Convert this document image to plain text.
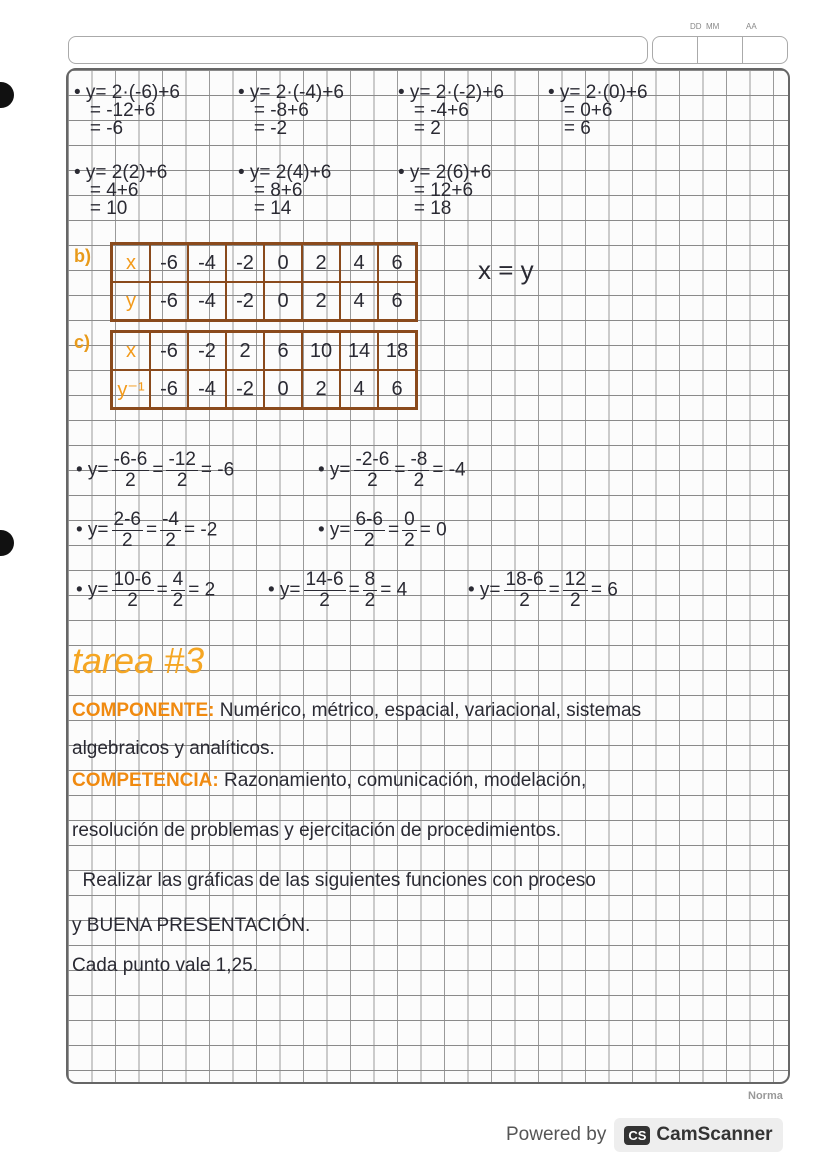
DD MM	AA
• y= 2·(-6)+6
= -12+6
= -6
• y= 2·(-4)+6
= -8+6
= -2
• y= 2·(-2)+6
= -4+6
= 2
• y= 2·(0)+6
= 0+6
= 6
• y= 2(2)+6
= 4+6
= 10
• y= 2(4)+6
= 8+6
= 14
• y= 2(6)+6
= 12+6
= 18
b) x	-6	-4	-2	0	2	4	6
y	-6	-4	-2	0	2	4	6
x = y
c) x	-6	-2	2	6	10	14	18
y⁻¹	-6	-4	-2	0	2	4	6
• $y= \frac{-6-6}{2} = \frac{-12}{2} = -6$	• $y= \frac{-2-6}{2} = \frac{-8}{2} = -4$
• $y= \frac{2-6}{2} = \frac{-4}{2} = -2$	• $y= \frac{6-6}{2} = \frac{0}{2} = 0$
• $y= \frac{10-6}{2} = \frac{4}{2} = 2$	• $y= \frac{14-6}{2} = \frac{8}{2} = 4$	• $y= \frac{18-6}{2} = \frac{12}{2} = 6$
tarea #3
COMPONENTE: Numérico, métrico, espacial, variacional, sistemas
algebraicos y analíticos.
COMPETENCIA: Razonamiento, comunicación, modelación,
resolución de problemas y ejercitación de procedimientos.
Realizar las gráficas de las siguientes funciones con proceso
y BUENA PRESENTACIÓN.
Cada punto vale 1,25.
Norma
Powered by	CS CamScanner
